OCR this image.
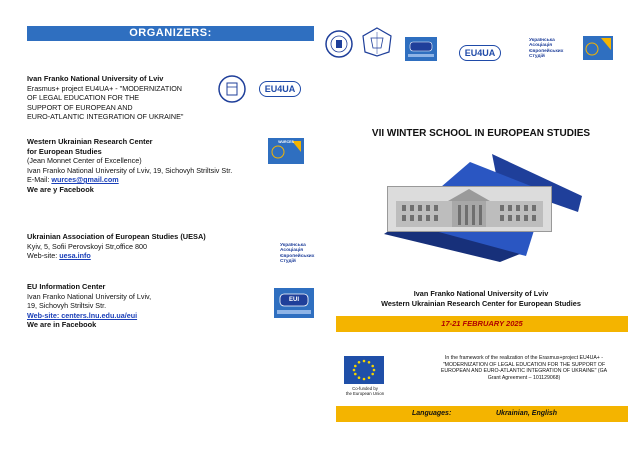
ORGANIZERS:
Ivan Franko National University of Lviv
Erasmus+ project EU4UA+ - "MODERNIZATION
OF LEGAL EDUCATION FOR THE
SUPPORT OF EUROPEAN AND
EURO-ATLANTIC INTEGRATION OF UKRAINE"
EU4UA
Western Ukrainian Research Center
for European Studies
(Jean Monnet Center of Excellence)
Ivan Franko National University of Lviv, 19, Sichovyh Striltsiv Str.
E-Mail: wurces@gmail.com
We are у Facebook
WURCES
Ukrainian Association of European Studies (UESA)
Kyiv, 5, Sofii Perovskoyi Str,office 800
Web-site: uesa.info
Українська Асоціація Європейських Студій
EU Information Center
Ivan Franko National University of Lviv,
19, Sichovyh Striltsiv Str.
Web-site: centers.lnu.edu.ua/eui
We are in Facebook
EUI
EU4UA
Українська Асоціація Європейських Студій
VII WINTER SCHOOL IN EUROPEAN STUDIES
Ivan Franko National University of Lviv
Western Ukrainian Research Center for European Studies
17-21 FEBRUARY 2025
Co-funded by
the European Union
In the framework of the realization of the Erasmus+project EU4UA+ -
"MODERNIZATION OF LEGAL EDUCATION FOR THE SUPPORT OF
EUROPEAN AND EURO-ATLANTIC INTEGRATION OF UKRAINE" (GA
Grant Agreement – 101129068)
Languages:	Ukrainian, English
